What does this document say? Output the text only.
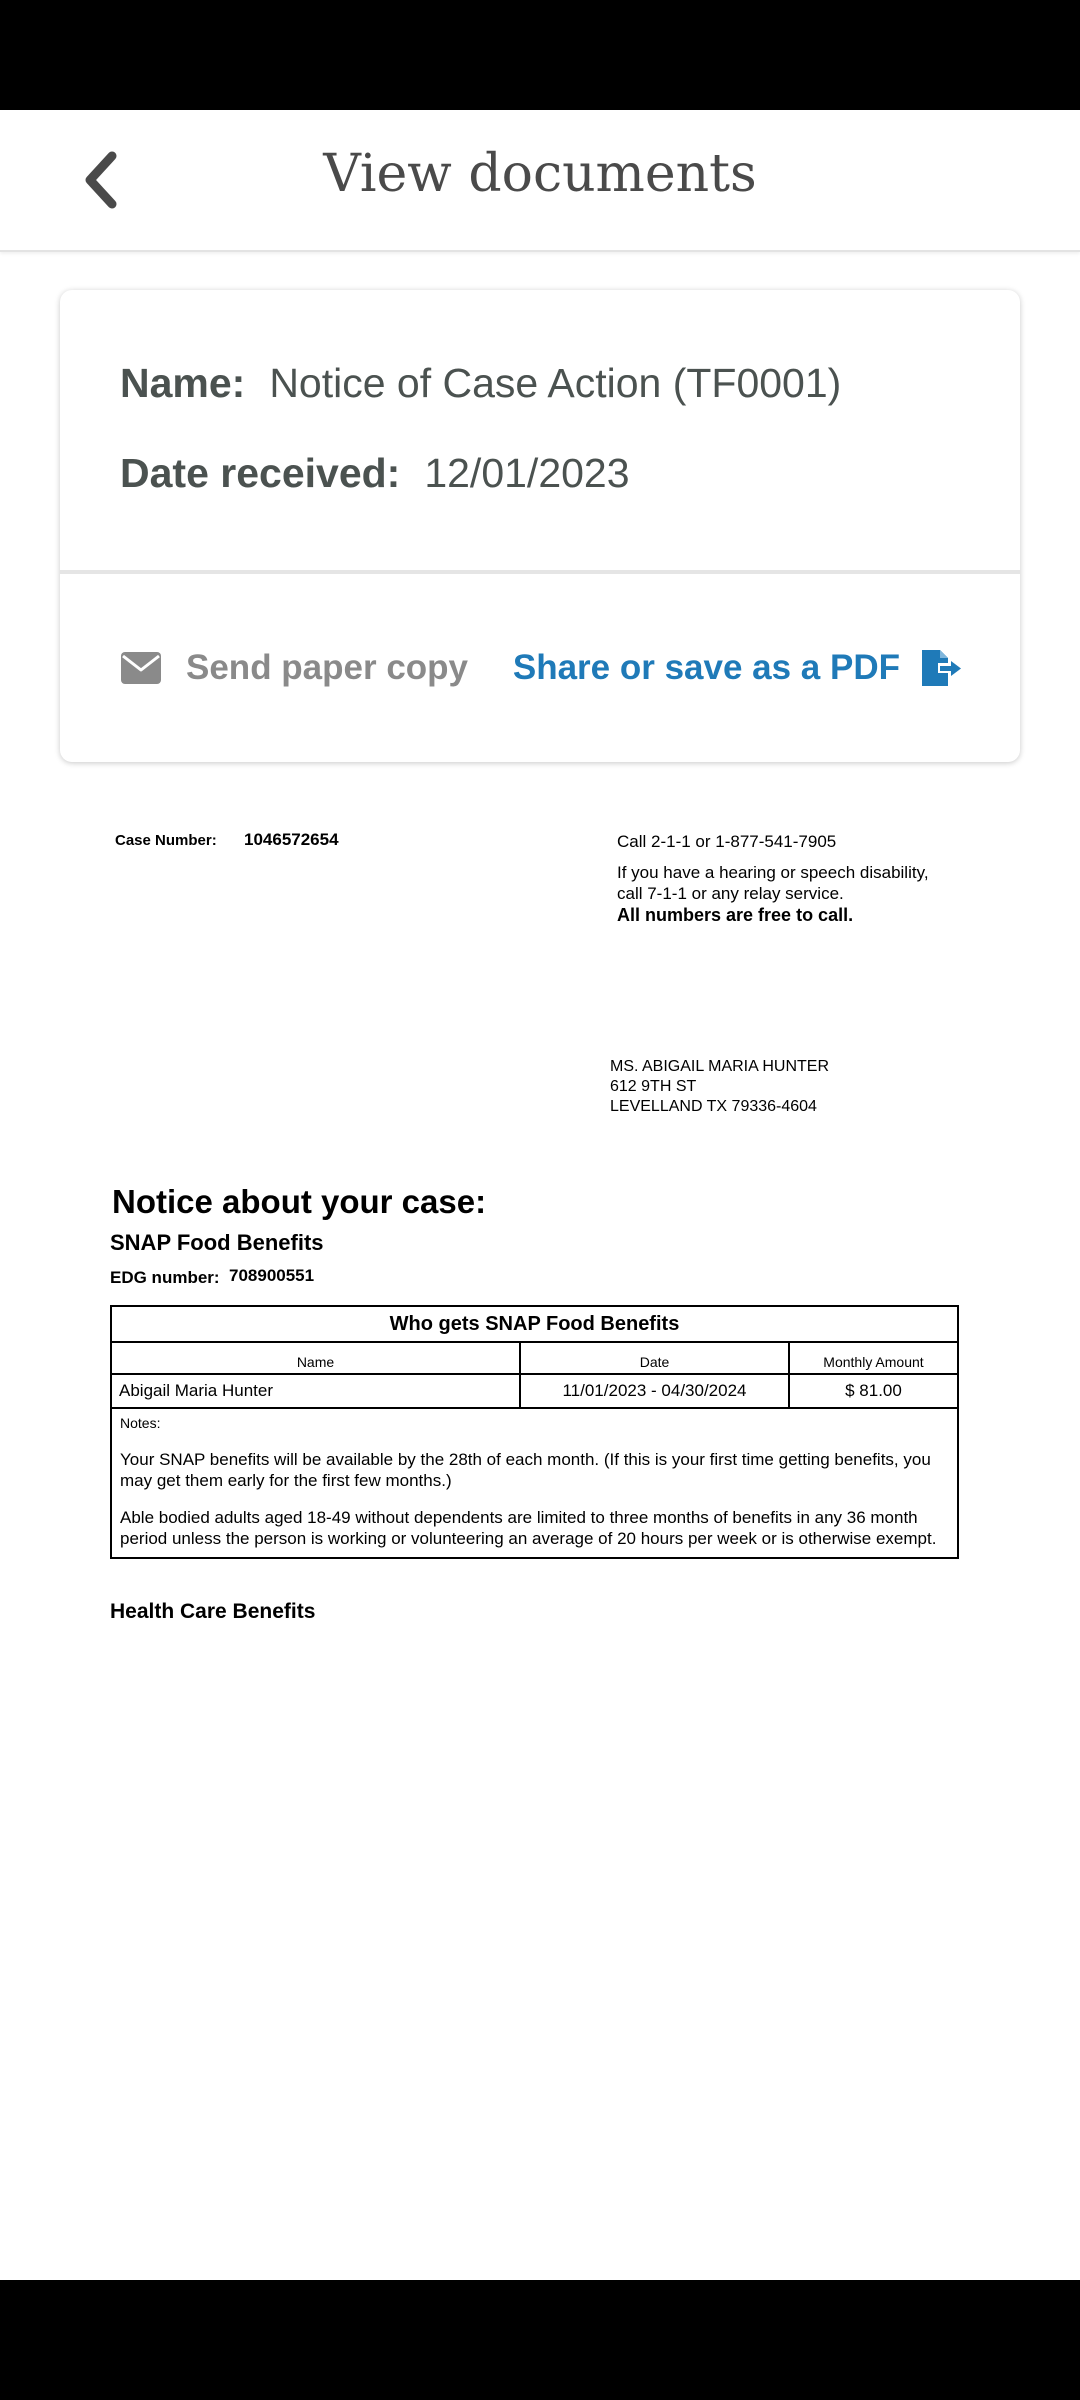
View documents
Name: Notice of Case Action (TF0001)
Date received: 12/01/2023
Send paper copy Share or save as a PDF
Case Number: 1046572654	Call 2-1-1 or 1-877-541-7905
If you have a hearing or speech disability,
call 7-1-1 or any relay service.
All numbers are free to call.
MS. ABIGAIL MARIA HUNTER
612 9TH ST
LEVELLAND TX 79336-4604
Notice about your case:
SNAP Food Benefits
EDG number: 708900551
Who gets SNAP Food Benefits
Name	Date	Monthly Amount
Abigail Maria Hunter	11/01/2023 - 04/30/2024	$ 81.00
Notes:

Your SNAP benefits will be available by the 28th of each month. (If this is your first time getting benefits, you may get them early for the first few months.)

Able bodied adults aged 18-49 without dependents are limited to three months of benefits in any 36 month period unless the person is working or volunteering an average of 20 hours per week or is otherwise exempt.

Health Care Benefits
